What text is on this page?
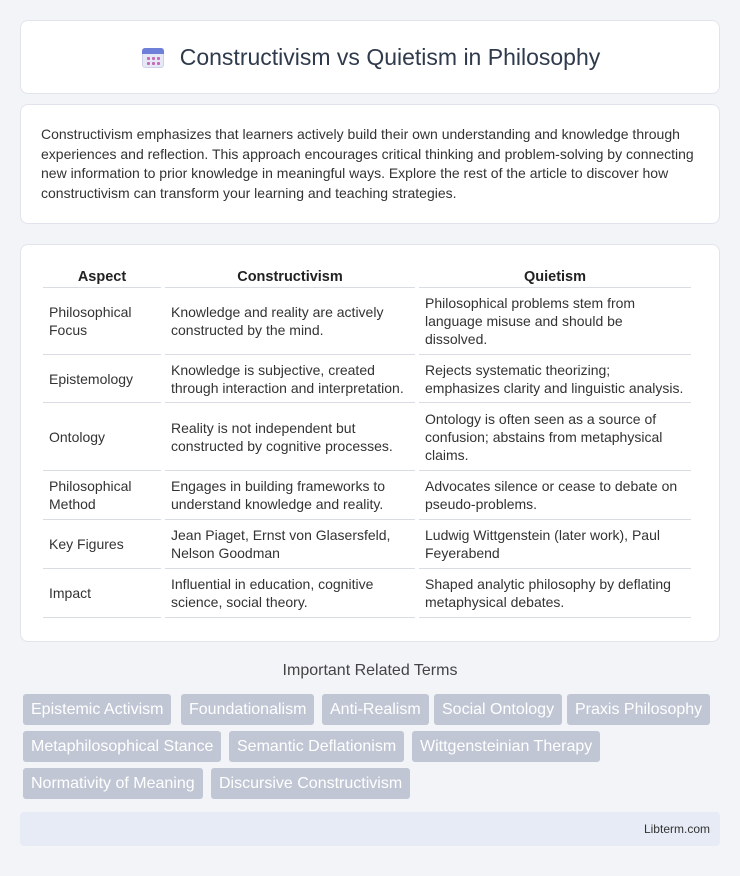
Constructivism vs Quietism in Philosophy

Constructivism emphasizes that learners actively build their own understanding and knowledge through experiences and reflection. This approach encourages critical thinking and problem-solving by connecting new information to prior knowledge in meaningful ways. Explore the rest of the article to discover how constructivism can transform your learning and teaching strategies.

Aspect	Constructivism	Quietism
Philosophical Focus	Knowledge and reality are actively constructed by the mind.	Philosophical problems stem from language misuse and should be dissolved.
Epistemology	Knowledge is subjective, created through interaction and interpretation.	Rejects systematic theorizing; emphasizes clarity and linguistic analysis.
Ontology	Reality is not independent but constructed by cognitive processes.	Ontology is often seen as a source of confusion; abstains from metaphysical claims.
Philosophical Method	Engages in building frameworks to understand knowledge and reality.	Advocates silence or cease to debate on pseudo-problems.
Key Figures	Jean Piaget, Ernst von Glasersfeld, Nelson Goodman	Ludwig Wittgenstein (later work), Paul Feyerabend
Impact	Influential in education, cognitive science, social theory.	Shaped analytic philosophy by deflating metaphysical debates.
Important Related Terms
Epistemic Activism	Foundationalism	Anti-Realism	Social Ontology	Praxis Philosophy
Metaphilosophical Stance	Semantic Deflationism	Wittgensteinian Therapy
Normativity of Meaning	Discursive Constructivism
Libterm.com
